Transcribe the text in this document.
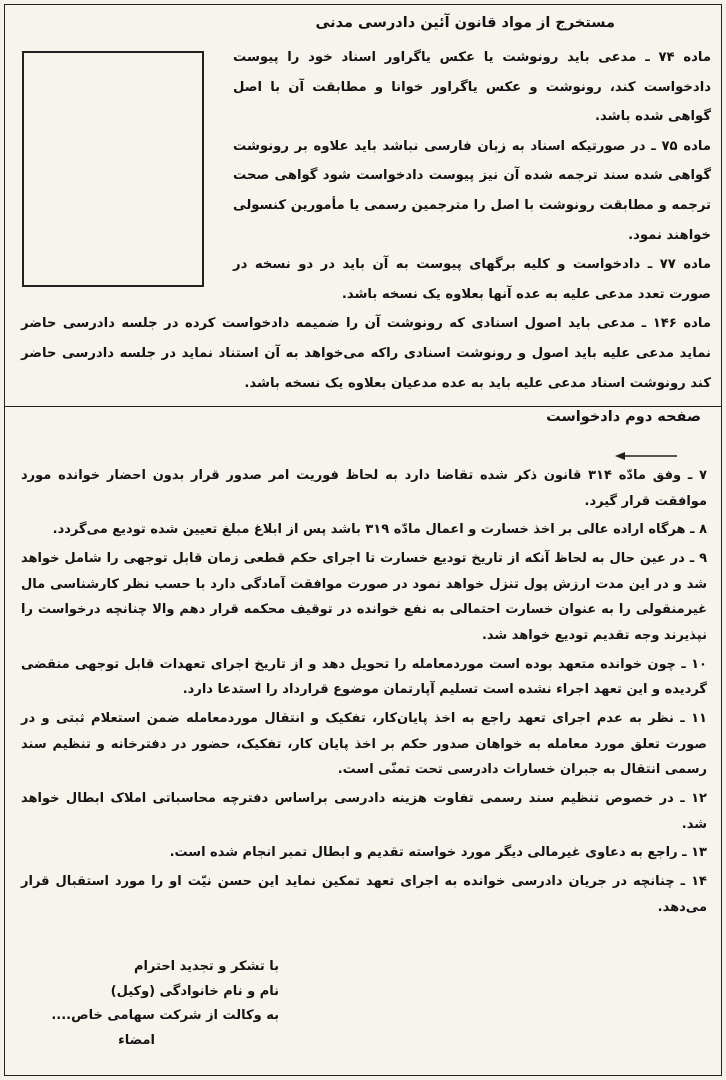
مستخرج از مواد قانون آئین دادرسی مدنی

ماده ۷۴ ـ مدعی باید رونوشت یا عکس یاگراور اسناد خود را پیوست دادخواست کند، رونوشت و عکس یاگراور خوانا و مطابقت آن با اصل گواهی شده باشد.

ماده ۷۵ ـ در صورتیکه اسناد به زبان فارسی نباشد باید علاوه بر رونوشت گواهی شده سند ترجمه شده آن نیز پیوست دادخواست شود گواهی صحت ترجمه و مطابقت رونوشت با اصل را مترجمین رسمی یا مأمورین کنسولی خواهند نمود.

ماده ۷۷ ـ دادخواست و کلیه برگهای پیوست به آن باید در دو نسخه در صورت تعدد مدعی علیه به عده آنها بعلاوه یک نسخه باشد.

ماده ۱۴۶ ـ مدعی باید اصول اسنادی که رونوشت آن را ضمیمه دادخواست کرده در جلسه دادرسی حاضر نماید مدعی علیه باید اصول و رونوشت اسنادی راکه می‌خواهد به آن استناد نماید در جلسه دادرسی حاضر کند رونوشت اسناد مدعی علیه باید به عده مدعیان بعلاوه یک نسخه باشد.

صفحه دوم دادخواست

۷ ـ وفق مادّه ۳۱۴ قانون ذکر شده تقاضا دارد به لحاظ فوریت امر صدور قرار بدون احضار خوانده مورد موافقت قرار گیرد.

۸ ـ هرگاه اراده عالی بر اخذ خسارت و اعمال مادّه ۳۱۹ باشد پس از ابلاغ مبلغ تعیین شده تودیع می‌گردد.

۹ ـ در عین حال به لحاظ آنکه از تاریخ تودیع خسارت تا اجرای حکم قطعی زمان قابل توجهی را شامل خواهد شد و در این مدت ارزش پول تنزل خواهد نمود در صورت موافقت آمادگی دارد با حسب نظر کارشناسی مال غیرمنقولی را به عنوان خسارت احتمالی به نفع خوانده در توقیف محکمه قرار دهم والا چنانچه درخواست را نپذیرند وجه تقدیم تودیع خواهد شد.

۱۰ ـ چون خوانده متعهد بوده است موردمعامله را تحویل دهد و از تاریخ اجرای تعهدات قابل توجهی منقضی گردیده و این تعهد اجراء نشده است تسلیم آپارتمان موضوع قرارداد را استدعا دارد.

۱۱ ـ نظر به عدم اجرای تعهد راجع به اخذ پایان‌کار، تفکیک و انتقال موردمعامله ضمن استعلام ثبتی و در صورت تعلق مورد معامله به خواهان صدور حکم بر اخذ پایان کار، تفکیک، حضور در دفترخانه و تنظیم سند رسمی انتقال به جبران خسارات دادرسی تحت تمنّی است.

۱۲ ـ در خصوص تنظیم سند رسمی تفاوت هزینه دادرسی براساس دفترچه محاسباتی املاک ابطال خواهد شد.

۱۳ ـ راجع به دعاوی غیرمالی دیگر مورد خواسته تقدیم و ابطال تمبر انجام شده است.

۱۴ ـ چنانچه در جریان دادرسی خوانده به اجرای تعهد تمکین نماید این حسن نیّت او را مورد استقبال قرار می‌دهد.

با تشکر و تجدید احترام
نام و نام خانوادگی (وکیل)
به وکالت از شرکت سهامی خاص....
امضاء
